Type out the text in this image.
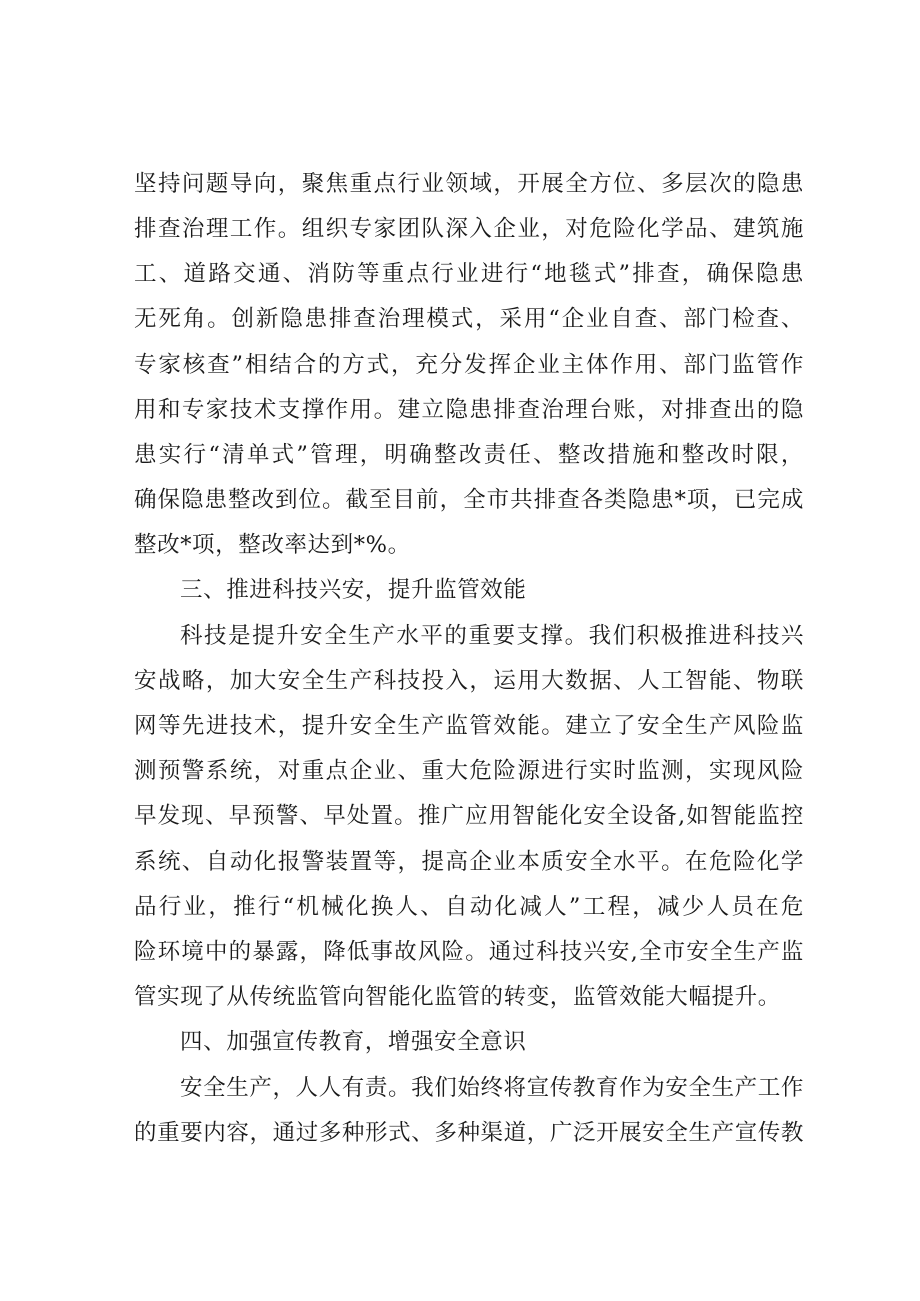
坚持问题导向，聚焦重点行业领域，开展全方位、多层次的隐患
排查治理工作。组织专家团队深入企业，对危险化学品、建筑施
工、道路交通、消防等重点行业进行“地毯式”排查，确保隐患
无死角。创新隐患排查治理模式，采用“企业自查、部门检查、
专家核查”相结合的方式，充分发挥企业主体作用、部门监管作
用和专家技术支撑作用。建立隐患排查治理台账，对排查出的隐
患实行“清单式”管理，明确整改责任、整改措施和整改时限，
确保隐患整改到位。截至目前，全市共排查各类隐患*项，已完成
整改*项，整改率达到*%。
三、推进科技兴安，提升监管效能
科技是提升安全生产水平的重要支撑。我们积极推进科技兴
安战略，加大安全生产科技投入，运用大数据、人工智能、物联
网等先进技术，提升安全生产监管效能。建立了安全生产风险监
测预警系统，对重点企业、重大危险源进行实时监测，实现风险
早发现、早预警、早处置。推广应用智能化安全设备,如智能监控
系统、自动化报警装置等，提高企业本质安全水平。在危险化学
品行业，推行“机械化换人、自动化减人”工程，减少人员在危
险环境中的暴露，降低事故风险。通过科技兴安,全市安全生产监
管实现了从传统监管向智能化监管的转变，监管效能大幅提升。
四、加强宣传教育，增强安全意识
安全生产，人人有责。我们始终将宣传教育作为安全生产工作
的重要内容，通过多种形式、多种渠道，广泛开展安全生产宣传教
